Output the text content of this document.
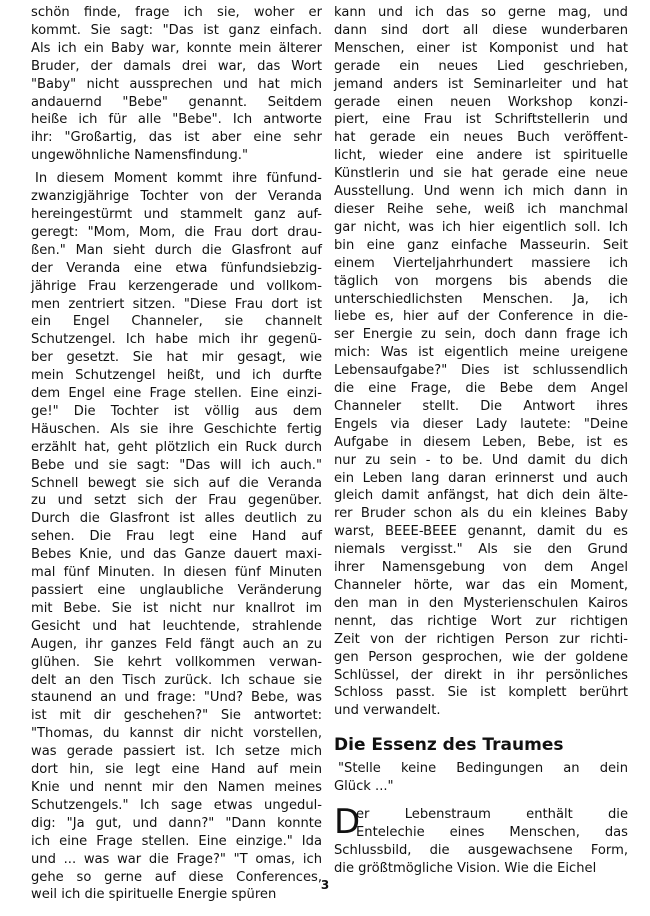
schön finde, frage ich sie, woher er
kommt. Sie sagt: "Das ist ganz einfach.
Als ich ein Baby war, konnte mein älterer
Bruder, der damals drei war, das Wort
"Baby" nicht aussprechen und hat mich
andauernd "Bebe" genannt. Seitdem
heiße ich für alle "Bebe". Ich antworte
ihr: "Großartig, das ist aber eine sehr
ungewöhnliche Namensfindung."

In diesem Moment kommt ihre fünfund-
zwanzigjährige Tochter von der Veranda
hereingestürmt und stammelt ganz auf-
geregt: "Mom, Mom, die Frau dort drau-
ßen." Man sieht durch die Glasfront auf
der Veranda eine etwa fünfundsiebzig-
jährige Frau kerzengerade und vollkom-
men zentriert sitzen. "Diese Frau dort ist
ein Engel Channeler, sie channelt
Schutzengel. Ich habe mich ihr gegenü-
ber gesetzt. Sie hat mir gesagt, wie
mein Schutzengel heißt, und ich durfte
dem Engel eine Frage stellen. Eine einzi-
ge!" Die Tochter ist völlig aus dem
Häuschen. Als sie ihre Geschichte fertig
erzählt hat, geht plötzlich ein Ruck durch
Bebe und sie sagt: "Das will ich auch."
Schnell bewegt sie sich auf die Veranda
zu und setzt sich der Frau gegenüber.
Durch die Glasfront ist alles deutlich zu
sehen. Die Frau legt eine Hand auf
Bebes Knie, und das Ganze dauert maxi-
mal fünf Minuten. In diesen fünf Minuten
passiert eine unglaubliche Veränderung
mit Bebe. Sie ist nicht nur knallrot im
Gesicht und hat leuchtende, strahlende
Augen, ihr ganzes Feld fängt auch an zu
glühen. Sie kehrt vollkommen verwan-
delt an den Tisch zurück. Ich schaue sie
staunend an und frage: "Und? Bebe, was
ist mit dir geschehen?" Sie antwortet:
"Thomas, du kannst dir nicht vorstellen,
was gerade passiert ist. Ich setze mich
dort hin, sie legt eine Hand auf mein
Knie und nennt mir den Namen meines
Schutzengels." Ich sage etwas ungedul-
dig: "Ja gut, und dann?" "Dann konnte
ich eine Frage stellen. Eine einzige." Ida
und ... was war die Frage?" "T omas, ich
gehe so gerne auf diese Conferences,
weil ich die spirituelle Energie spüren

kann und ich das so gerne mag, und
dann sind dort all diese wunderbaren
Menschen, einer ist Komponist und hat
gerade ein neues Lied geschrieben,
jemand anders ist Seminarleiter und hat
gerade einen neuen Workshop konzi-
piert, eine Frau ist Schriftstellerin und
hat gerade ein neues Buch veröffent-
licht, wieder eine andere ist spirituelle
Künstlerin und sie hat gerade eine neue
Ausstellung. Und wenn ich mich dann in
dieser Reihe sehe, weiß ich manchmal
gar nicht, was ich hier eigentlich soll. Ich
bin eine ganz einfache Masseurin. Seit
einem Vierteljahrhundert massiere ich
täglich von morgens bis abends die
unterschiedlichsten Menschen. Ja, ich
liebe es, hier auf der Conference in die-
ser Energie zu sein, doch dann frage ich
mich: Was ist eigentlich meine ureigene
Lebensaufgabe?" Dies ist schlussendlich
die eine Frage, die Bebe dem Angel
Channeler stellt. Die Antwort ihres
Engels via dieser Lady lautete: "Deine
Aufgabe in diesem Leben, Bebe, ist es
nur zu sein - to be. Und damit du dich
ein Leben lang daran erinnerst und auch
gleich damit anfängst, hat dich dein älte-
rer Bruder schon als du ein kleines Baby
warst, BEEE-BEEE genannt, damit du es
niemals vergisst." Als sie den Grund
ihrer Namensgebung von dem Angel
Channeler hörte, war das ein Moment,
den man in den Mysterienschulen Kairos
nennt, das richtige Wort zur richtigen
Zeit von der richtigen Person zur richti-
gen Person gesprochen, wie der goldene
Schlüssel, der direkt in ihr persönliches
Schloss passt. Sie ist komplett berührt
und verwandelt.

Die Essenz des Traumes

"Stelle keine Bedingungen an dein
Glück ..."

D

er Lebenstraum enthält die
Entelechie eines Menschen, das
Schlussbild, die ausgewachsene Form,
die größtmögliche Vision. Wie die Eichel

3
